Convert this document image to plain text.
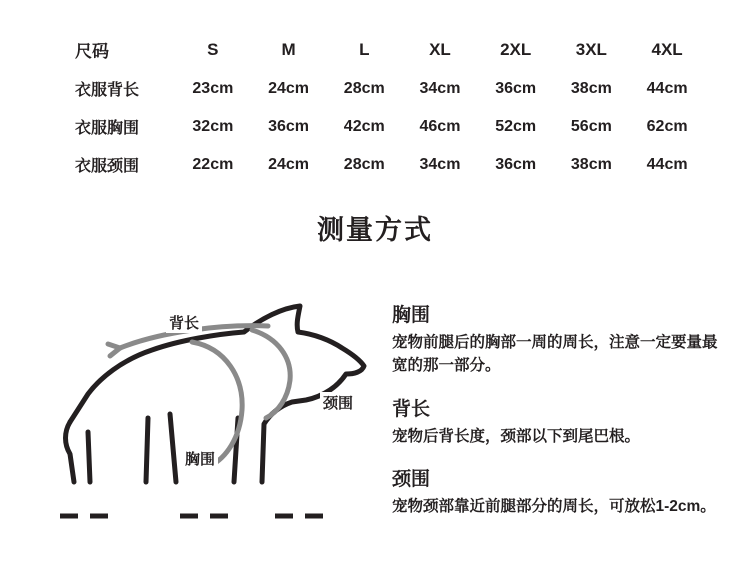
尺码	S	M	L	XL	2XL	3XL	4XL
衣服背长	23cm	24cm	28cm	34cm	36cm	38cm	44cm
衣服胸围	32cm	36cm	42cm	46cm	52cm	56cm	62cm
衣服颈围	22cm	24cm	28cm	34cm	36cm	38cm	44cm
测量方式
背长
颈围
胸围
胸围
宠物前腿后的胸部一周的周长，注意一定要量最宽的那一部分。
背长
宠物后背长度，颈部以下到尾巴根。
颈围
宠物颈部靠近前腿部分的周长，可放松1-2cm。
